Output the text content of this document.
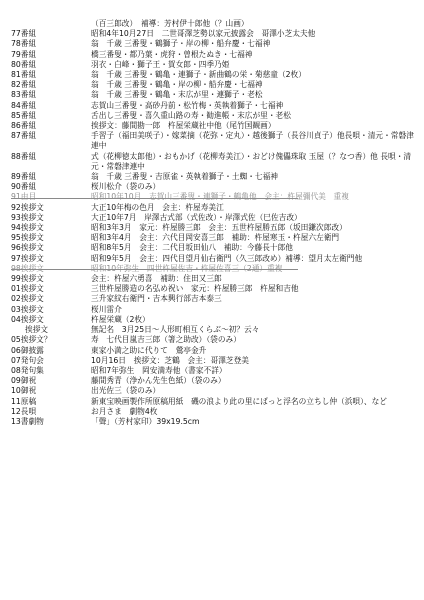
（百三郎改）　補導：芳村伊十郎他（？山画）
77番組	昭和4年10月27日　二世哥澤芝勢以家元披露会　哥澤小芝太夫他
78番組	翁　千歳 三番叟・鶴獅子・岸の柳・船弁慶・七福神
79番組	橋三番叟・都乃葉・虎狩・曽根たぬき・七福神
80番組	羽衣・白峰・獅子王・賀女郎・四季乃姫
81番組	翁　千歳 三番叟・鶴亀・連獅子・新曲鶴の栄・菊慈童（2枚）
82番組	翁　千歳 三番叟・鶴亀・岸の柳・船弁慶・七福神
83番組	翁　千歳 三番叟・鶴亀・末広が里・連獅子・老松
84番組	志賀山三番叟・高砂丹前・松竹梅・英執着獅子・七福神
85番組	舌出し三番叟・喜久重山路の寿・勧進帳・末広が里・老松
86番組	挨拶文：藤間勘一郎　杵屋栄蔵社中他（尾竹国観画）
87番組	手習子（福田美咲子）・嫁菜摘（花弥・定丸）・越後獅子（長谷川貞子）他長唄・清元・常磐津連中
88番組	式（花柳徳太郎他）・おもかげ（花柳寿美江）・おどけ傀儡珠取 玉屋（？なつ香）他 長唄・清元・常磐津連中
89番組	翁　千歳 三番叟・吉原雀・英執着獅子・土蜘・七福神
90番組	桜川松介（袋のみ）
91由目	昭和10年10月　志賀山三番叟・連獅子・鶴亀他　会主：杵屋彌代美　重複
92挨拶文	大正10年梅の色月　会主：杵屋寿美江
93挨拶文	大正10年7月　岸澤古式部（式佐改）・岸澤式佐（巳佐吉改）
94挨拶文	昭和3年3月　家元：杵屋勝三郎　会主：五世杵屋勝五郎（坂田鎌次郎改）
95挨拶文	昭和3年4月　会主：六代目岡安喜三郎　補助：杵屋寒玉・杵屋六左衛門
96挨拶文	昭和8年5月　会主：二代目坂田仙八　補助：今藤長十郎他
97挨拶文	昭和9年5月　会主：四代目望月仙右衛門（久三郎改め）補導：望月太左衛門他
98挨拶文	昭和10年弥生　四世杵屋佐吉・杵屋佐喜三（2通）重複
99挨拶文	会主：杵屋六勇喜　補助：住田又三郎
01挨拶文	三世杵屋勝造の名弘め祝い　家元：杵屋勝三郎　杵屋和吉他
02挨拶文	三升家紋右衛門・吉本興行部吉本泰三
03挨拶文	桜川雷介
04挨拶文	杵屋栄蔵（2枚）
挨拶文	無記名　3月25日～人形町相互くらぶ～初？云々
05挨拶文？	寿　七代目嵐吉三郎（箸之助改）（袋のみ）
06御披露	東家小満之助に代りて　鶯亭金升
07発句会	10月16日　挨拶文：芝鶴　会主：哥澤芝登美
08発句集	昭和7年弥生　岡安満寿他（書家不詳）
09御祝	藤間秀青（浄かん先生色紙）（袋のみ）
10御祝	出光佐三（袋のみ）
11原稿	新東宝映画製作所原稿用紙　磯の浪より此の里にばっと浮名の立ちし仲（浜唄）、など
12長唄	お月さま　劇物4枚
13書劇物	「聲」（芳村家印）39x19.5cm
